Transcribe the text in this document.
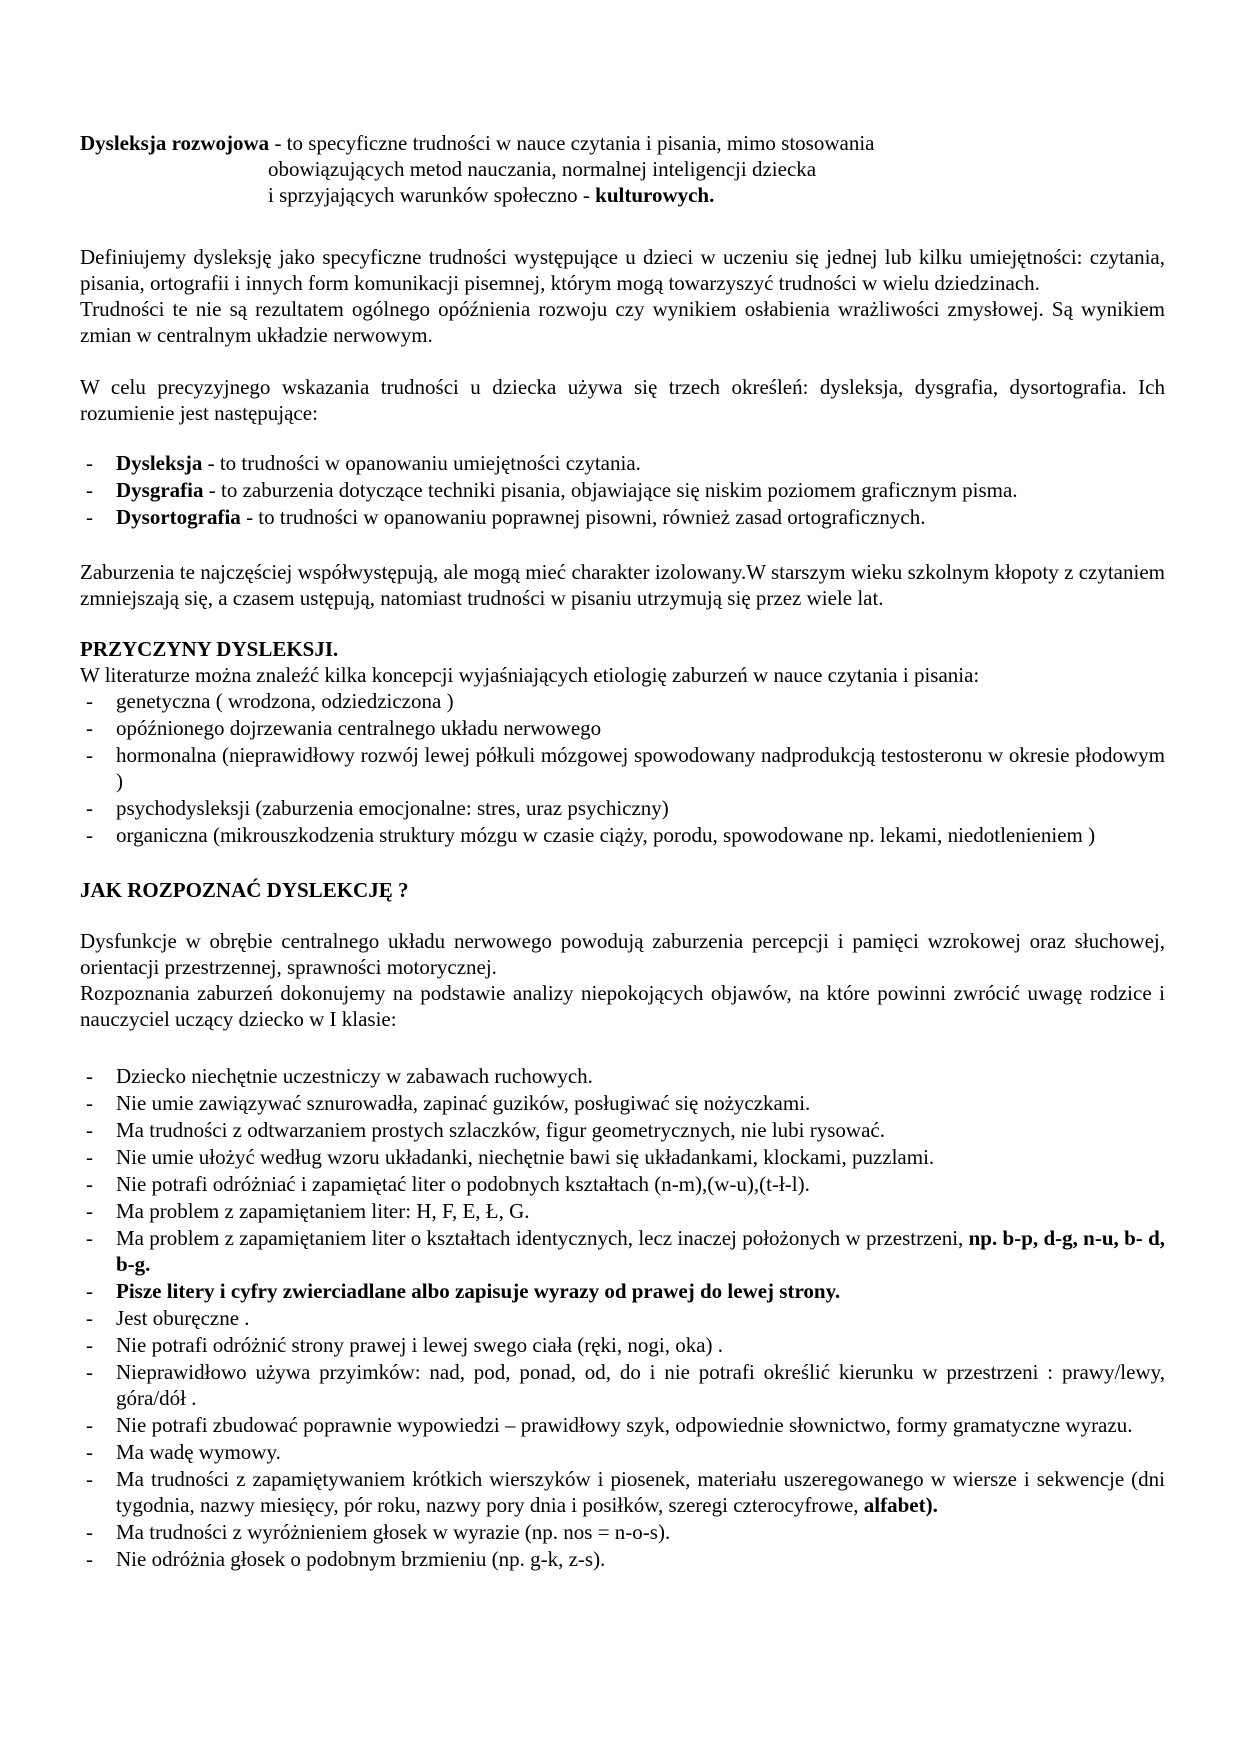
Dysleksja rozwojowa - to specyficzne trudności w nauce czytania i pisania, mimo stosowania
obowiązujących metod nauczania, normalnej inteligencji dziecka
i sprzyjających warunków społeczno - kulturowych.
Definiujemy dysleksję jako specyficzne trudności występujące u dzieci w uczeniu się jednej lub kilku umiejętności: czytania, pisania, ortografii i innych form komunikacji pisemnej, którym mogą towarzyszyć trudności w wielu dziedzinach.
Trudności te nie są rezultatem ogólnego opóźnienia rozwoju czy wynikiem osłabienia wrażliwości zmysłowej. Są wynikiem zmian w centralnym układzie nerwowym.
W celu precyzyjnego wskazania trudności u dziecka używa się trzech określeń: dysleksja, dysgrafia, dysortografia. Ich rozumienie jest następujące:
- Dysleksja - to trudności w opanowaniu umiejętności czytania.
- Dysgrafia - to zaburzenia dotyczące techniki pisania, objawiające się niskim poziomem graficznym pisma.
- Dysortografia - to trudności w opanowaniu poprawnej pisowni, również zasad ortograficznych.
Zaburzenia te najczęściej współwystępują, ale mogą mieć charakter izolowany.W starszym wieku szkolnym kłopoty z czytaniem zmniejszają się, a czasem ustępują, natomiast trudności w pisaniu utrzymują się przez wiele lat.
PRZYCZYNY DYSLEKSJI.
W literaturze można znaleźć kilka koncepcji wyjaśniających etiologię zaburzeń w nauce czytania i pisania:
- genetyczna ( wrodzona, odziedziczona )
- opóźnionego dojrzewania centralnego układu nerwowego
- hormonalna (nieprawidłowy rozwój lewej półkuli mózgowej spowodowany nadprodukcją testosteronu w okresie płodowym )
- psychodysleksji (zaburzenia emocjonalne: stres, uraz psychiczny)
- organiczna (mikrouszkodzenia struktury mózgu w czasie ciąży, porodu, spowodowane np. lekami, niedotlenieniem )
JAK ROZPOZNAĆ DYSLEKCJĘ ?
Dysfunkcje w obrębie centralnego układu nerwowego powodują zaburzenia percepcji i pamięci wzrokowej oraz słuchowej, orientacji przestrzennej, sprawności motorycznej.
Rozpoznania zaburzeń dokonujemy na podstawie analizy niepokojących objawów, na które powinni zwrócić uwagę rodzice i nauczyciel uczący dziecko w I klasie:
- Dziecko niechętnie uczestniczy w zabawach ruchowych.
- Nie umie zawiązywać sznurowadła, zapinać guzików, posługiwać się nożyczkami.
- Ma trudności z odtwarzaniem prostych szlaczków, figur geometrycznych, nie lubi rysować.
- Nie umie ułożyć według wzoru układanki, niechętnie bawi się układankami, klockami, puzzlami.
- Nie potrafi odróżniać i zapamiętać liter o podobnych kształtach (n-m),(w-u),(t-ł-l).
- Ma problem z zapamiętaniem liter: H, F, E, Ł, G.
- Ma problem z zapamiętaniem liter o kształtach identycznych, lecz inaczej położonych w przestrzeni, np. b-p, d-g, n-u, b- d, b-g.
- Pisze litery i cyfry zwierciadlane albo zapisuje wyrazy od prawej do lewej strony.
- Jest oburęczne .
- Nie potrafi odróżnić strony prawej i lewej swego ciała (ręki, nogi, oka) .
- Nieprawidłowo używa przyimków: nad, pod, ponad, od, do i nie potrafi określić kierunku w przestrzeni : prawy/lewy, góra/dół .
- Nie potrafi zbudować poprawnie wypowiedzi – prawidłowy szyk, odpowiednie słownictwo, formy gramatyczne wyrazu.
- Ma wadę wymowy.
- Ma trudności z zapamiętywaniem krótkich wierszyków i piosenek, materiału uszeregowanego w wiersze i sekwencje (dni tygodnia, nazwy miesięcy, pór roku, nazwy pory dnia i posiłków, szeregi czterocyfrowe, alfabet).
- Ma trudności z wyróżnieniem głosek w wyrazie (np. nos = n-o-s).
- Nie odróżnia głosek o podobnym brzmieniu (np. g-k, z-s).
